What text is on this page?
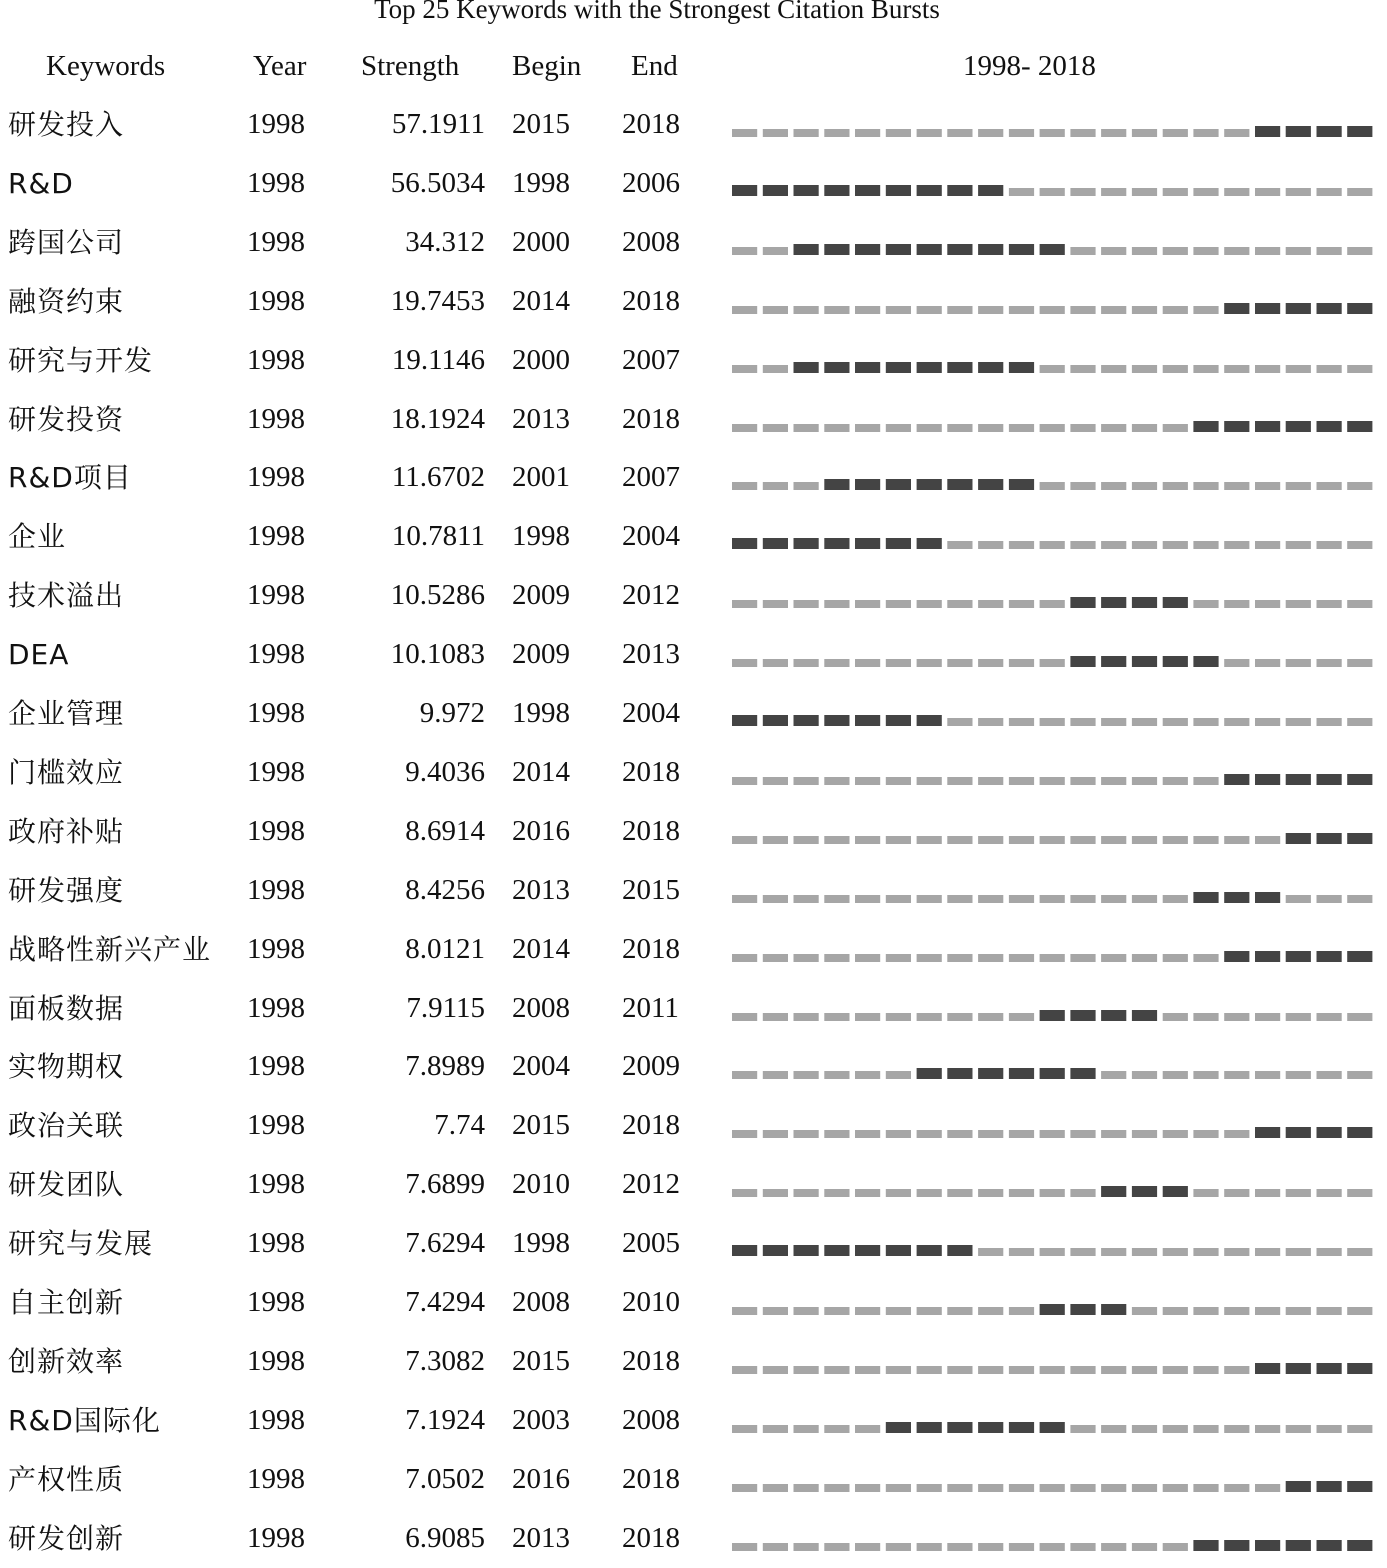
Top 25 Keywords with the Strongest Citation Bursts
Keywords	Year Strength Begin End	1998- 2018
研发投入	1998	57.1911 2015 2018
R&D	1998	56.5034 1998 2006
跨国公司	1998	34.312 2000 2008
融资约束	1998	19.7453 2014 2018
研究与开发	1998	19.1146 2000 2007
研发投资	1998	18.1924 2013 2018
R&D项目	1998	11.6702 2001 2007
企业	1998	10.7811 1998 2004
技术溢出	1998	10.5286 2009 2012
DEA	1998	10.1083 2009 2013
企业管理	1998	9.972 1998 2004
门槛效应	1998	9.4036 2014 2018
政府补贴	1998	8.6914 2016 2018
研发强度	1998	8.4256 2013 2015
战略性新兴产业 1998	8.0121 2014 2018
面板数据	1998	7.9115 2008 2011
实物期权	1998	7.8989 2004 2009
政治关联	1998	7.74 2015 2018
研发团队	1998	7.6899 2010 2012
研究与发展	1998	7.6294 1998 2005
自主创新	1998	7.4294 2008 2010
创新效率	1998	7.3082 2015 2018
R&D国际化	1998	7.1924 2003 2008
产权性质	1998	7.0502 2016 2018
研发创新	1998	6.9085 2013 2018
